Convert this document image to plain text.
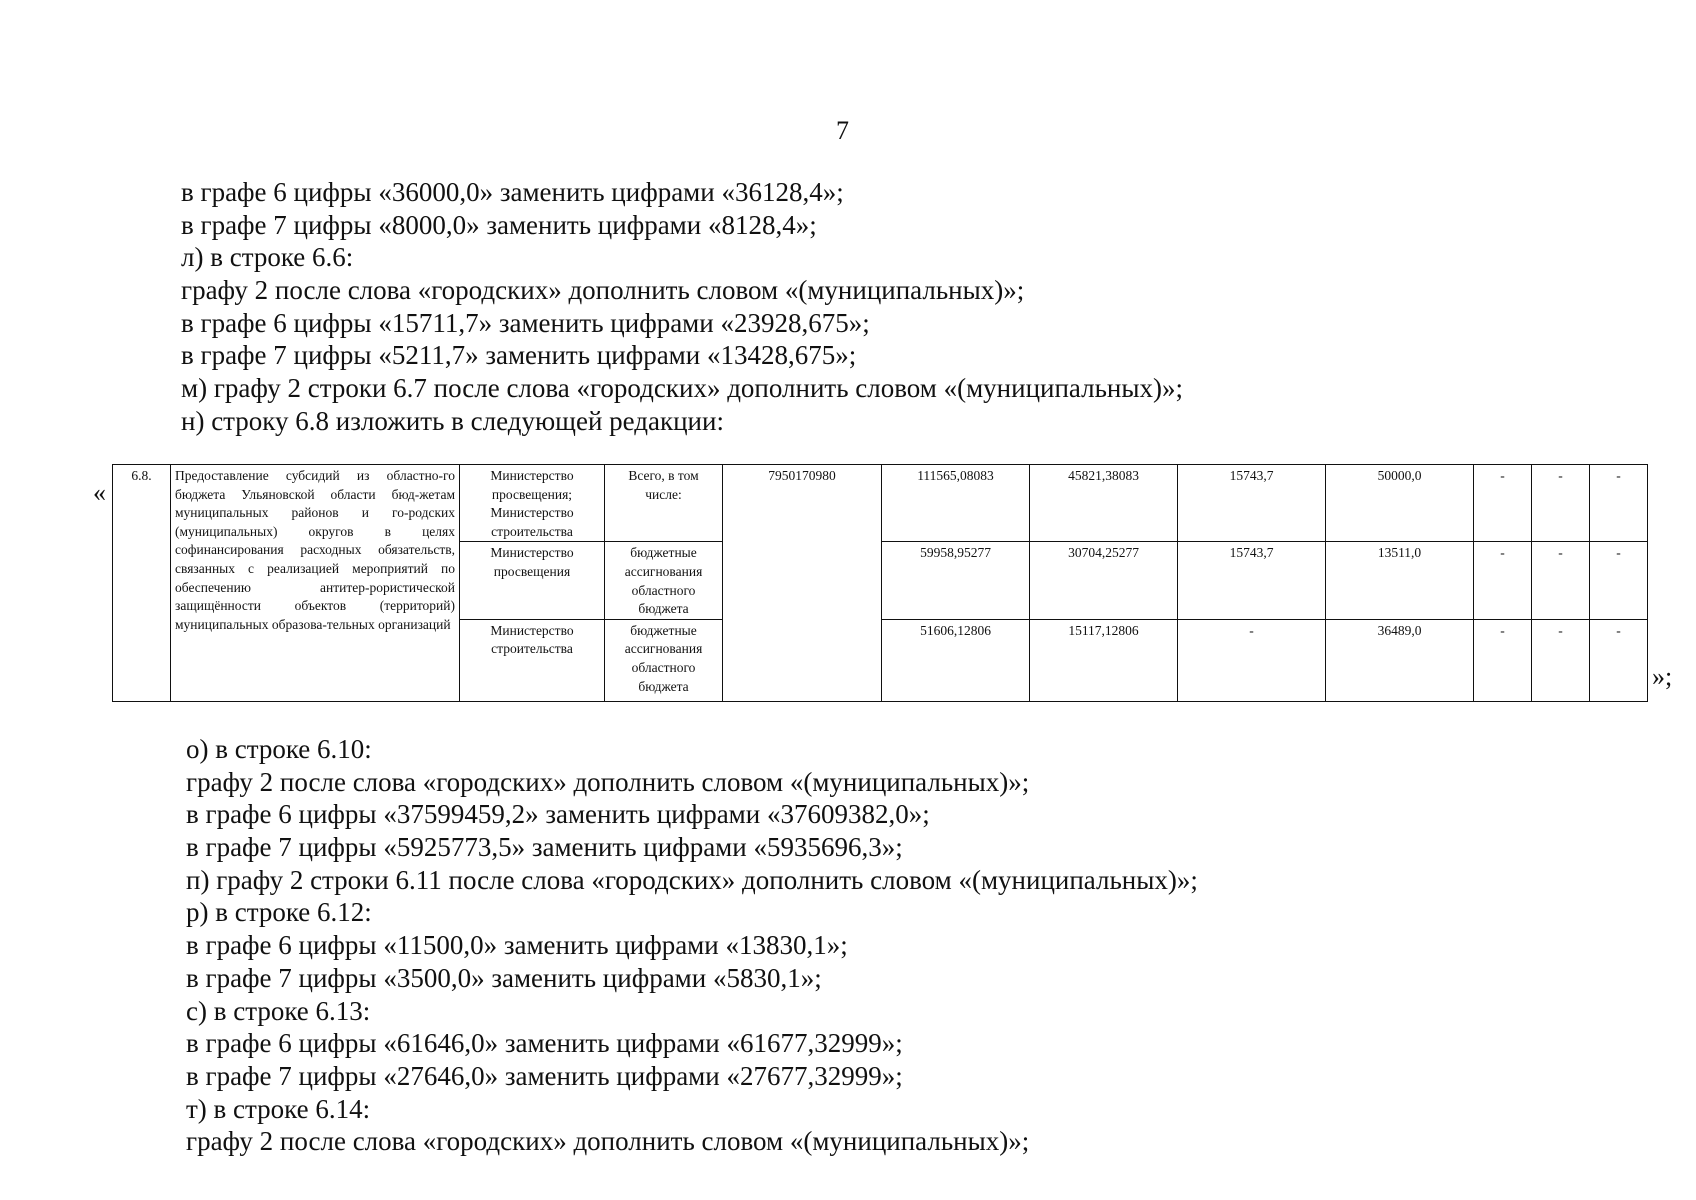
7
в графе 6 цифры «36000,0» заменить цифрами «36128,4»;
в графе 7 цифры «8000,0» заменить цифрами «8128,4»;
л) в строке 6.6:
графу 2 после слова «городских» дополнить словом «(муниципальных)»;
в графе 6 цифры «15711,7» заменить цифрами «23928,675»;
в графе 7 цифры «5211,7» заменить цифрами «13428,675»;
м) графу 2 строки 6.7 после слова «городских» дополнить словом «(муниципальных)»;
н) строку 6.8 изложить в следующей редакции:
«
6.8.	Предоставление субсидий из областно-го бюджета Ульяновской области бюд-жетам муниципальных районов и го-родских (муниципальных) округов в целях софинансирования расходных обязательств, связанных с реализацией мероприятий по обеспечению антитер-рористической защищённости объектов (территорий) муниципальных образова-тельных организаций	Министерство просвещения; Министерство строительства	Всего, в том числе:	7950170980	111565,08083	45821,38083	15743,7	50000,0	-	-	-
		Министерство просвещения	бюджетные ассигнования областного бюджета		59958,95277	30704,25277	15743,7	13511,0	-	-	-
		Министерство строительства	бюджетные ассигнования областного бюджета		51606,12806	15117,12806	-	36489,0	-	-	-
»;
о) в строке 6.10:
графу 2 после слова «городских» дополнить словом «(муниципальных)»;
в графе 6 цифры «37599459,2» заменить цифрами «37609382,0»;
в графе 7 цифры «5925773,5» заменить цифрами «5935696,3»;
п) графу 2 строки 6.11 после слова «городских» дополнить словом «(муниципальных)»;
р) в строке 6.12:
в графе 6 цифры «11500,0» заменить цифрами «13830,1»;
в графе 7 цифры «3500,0» заменить цифрами «5830,1»;
с) в строке 6.13:
в графе 6 цифры «61646,0» заменить цифрами «61677,32999»;
в графе 7 цифры «27646,0» заменить цифрами «27677,32999»;
т) в строке 6.14:
графу 2 после слова «городских» дополнить словом «(муниципальных)»;
